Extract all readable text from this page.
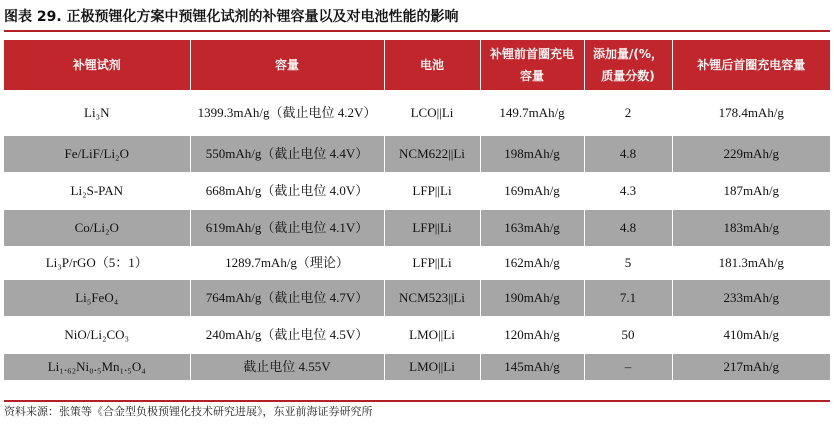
图表 29. 正极预锂化方案中预锂化试剂的补锂容量以及对电池性能的影响
补锂试剂	容量	电池	补锂前首圈充电容量	添加量/(%，质量分数)	补锂后首圈充电容量
Li₃N	1399.3mAh/g（截止电位 4.2V）	LCO||Li	149.7mAh/g	2	178.4mAh/g
Fe/LiF/Li₂O	550mAh/g（截止电位 4.4V）	NCM622||Li	198mAh/g	4.8	229mAh/g
Li₂S-PAN	668mAh/g（截止电位 4.0V）	LFP||Li	169mAh/g	4.3	187mAh/g
Co/Li₂O	619mAh/g（截止电位 4.1V）	LFP||Li	163mAh/g	4.8	183mAh/g
Li₃P/rGO（5：1）	1289.7mAh/g（理论）	LFP||Li	162mAh/g	5	181.3mAh/g
Li₅FeO₄	764mAh/g（截止电位 4.7V）	NCM523||Li	190mAh/g	7.1	233mAh/g
NiO/Li₂CO₃	240mAh/g（截止电位 4.5V）	LMO||Li	120mAh/g	50	410mAh/g
Li₁.₆₂Ni₀.₅Mn₁.₅O₄	截止电位 4.55V	LMO||Li	145mAh/g	–	217mAh/g
资料来源：张策等《合金型负极预锂化技术研究进展》，东亚前海证券研究所
